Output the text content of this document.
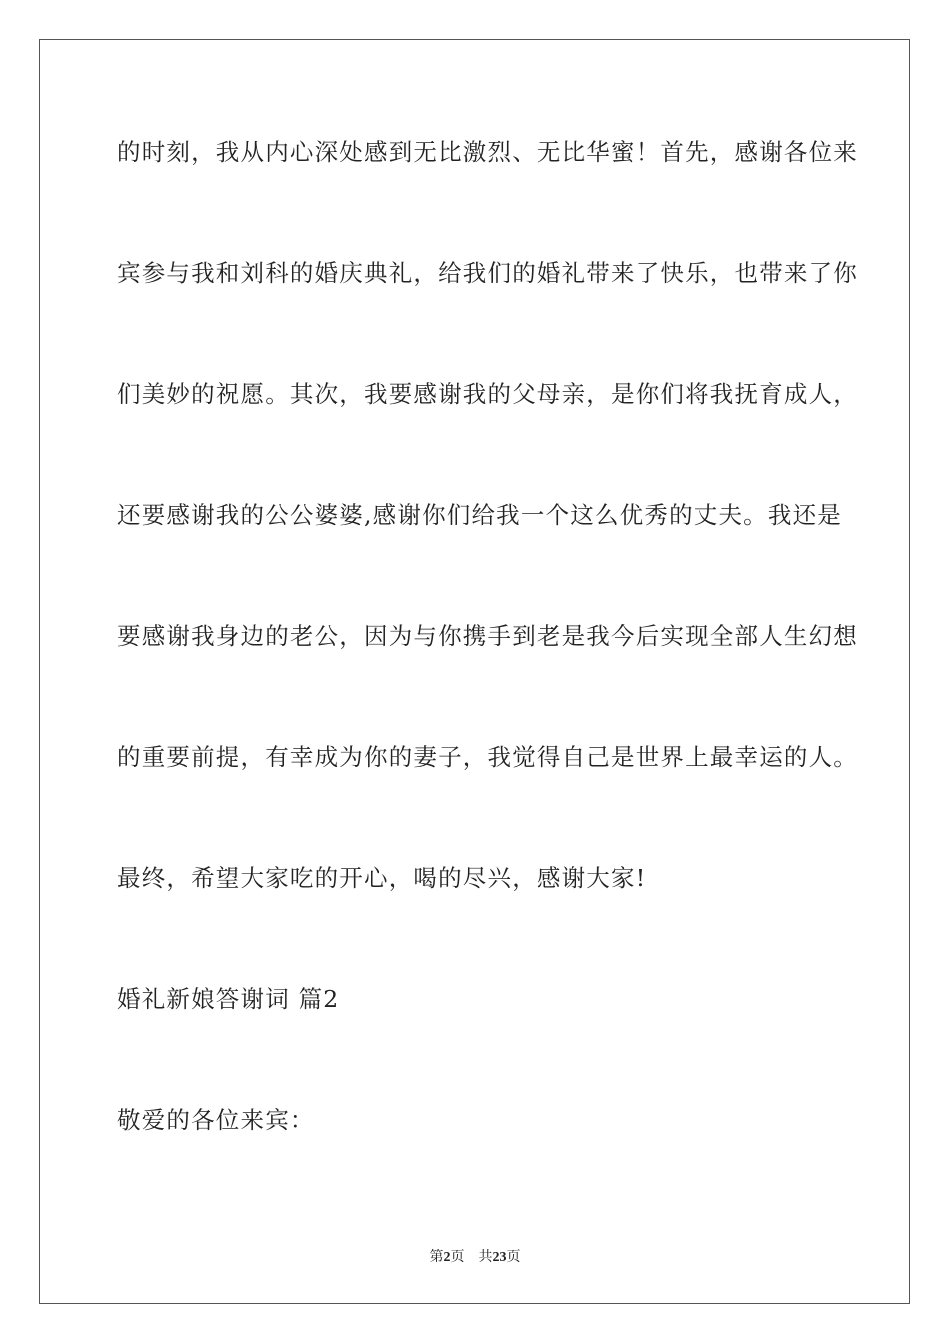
的时刻，我从内心深处感到无比激烈、无比华蜜！首先，感谢各位来
宾参与我和刘科的婚庆典礼，给我们的婚礼带来了快乐，也带来了你
们美妙的祝愿。其次，我要感谢我的父母亲，是你们将我抚育成人，
还要感谢我的公公婆婆,感谢你们给我一个这么优秀的丈夫。我还是
要感谢我身边的老公，因为与你携手到老是我今后实现全部人生幻想
的重要前提，有幸成为你的妻子，我觉得自己是世界上最幸运的人。
最终，希望大家吃的开心，喝的尽兴，感谢大家!
婚礼新娘答谢词 篇2
敬爱的各位来宾：
第2页 共23页
